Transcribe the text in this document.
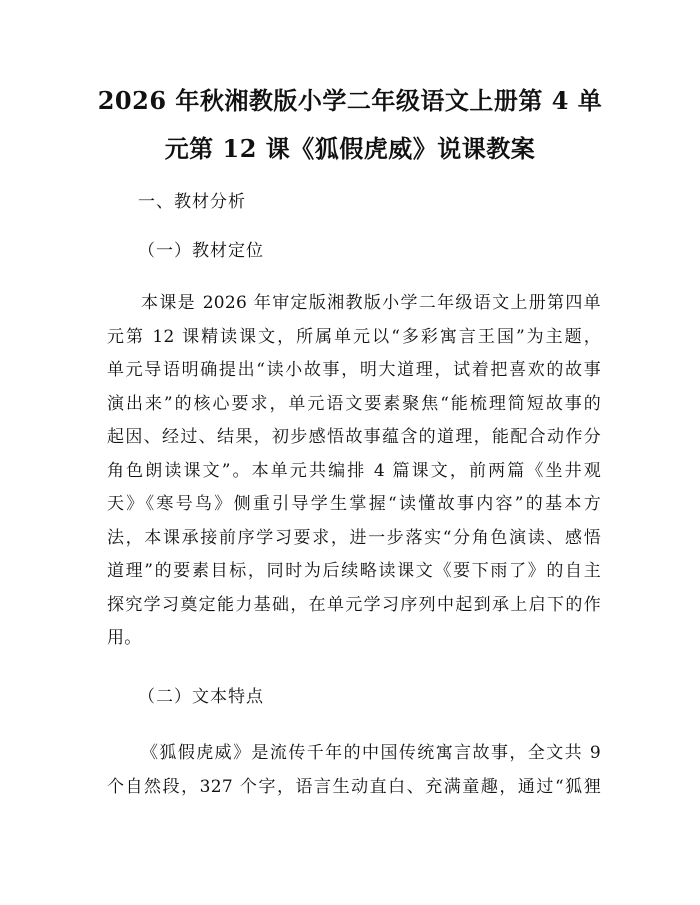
2026 年秋湘教版小学二年级语文上册第 4 单
元第 12 课《狐假虎威》说课教案
一、教材分析
（一）教材定位
本课是 2026 年审定版湘教版小学二年级语文上册第四单
元第 12 课精读课文，所属单元以“多彩寓言王国”为主题，
单元导语明确提出“读小故事，明大道理，试着把喜欢的故事
演出来”的核心要求，单元语文要素聚焦“能梳理简短故事的
起因、经过、结果，初步感悟故事蕴含的道理，能配合动作分
角色朗读课文”。本单元共编排 4 篇课文，前两篇《坐井观
天》《寒号鸟》侧重引导学生掌握“读懂故事内容”的基本方
法，本课承接前序学习要求，进一步落实“分角色演读、感悟
道理”的要素目标，同时为后续略读课文《要下雨了》的自主
探究学习奠定能力基础，在单元学习序列中起到承上启下的作
用。
（二）文本特点
《狐假虎威》是流传千年的中国传统寓言故事，全文共 9
个自然段，327 个字，语言生动直白、充满童趣，通过“狐狸
